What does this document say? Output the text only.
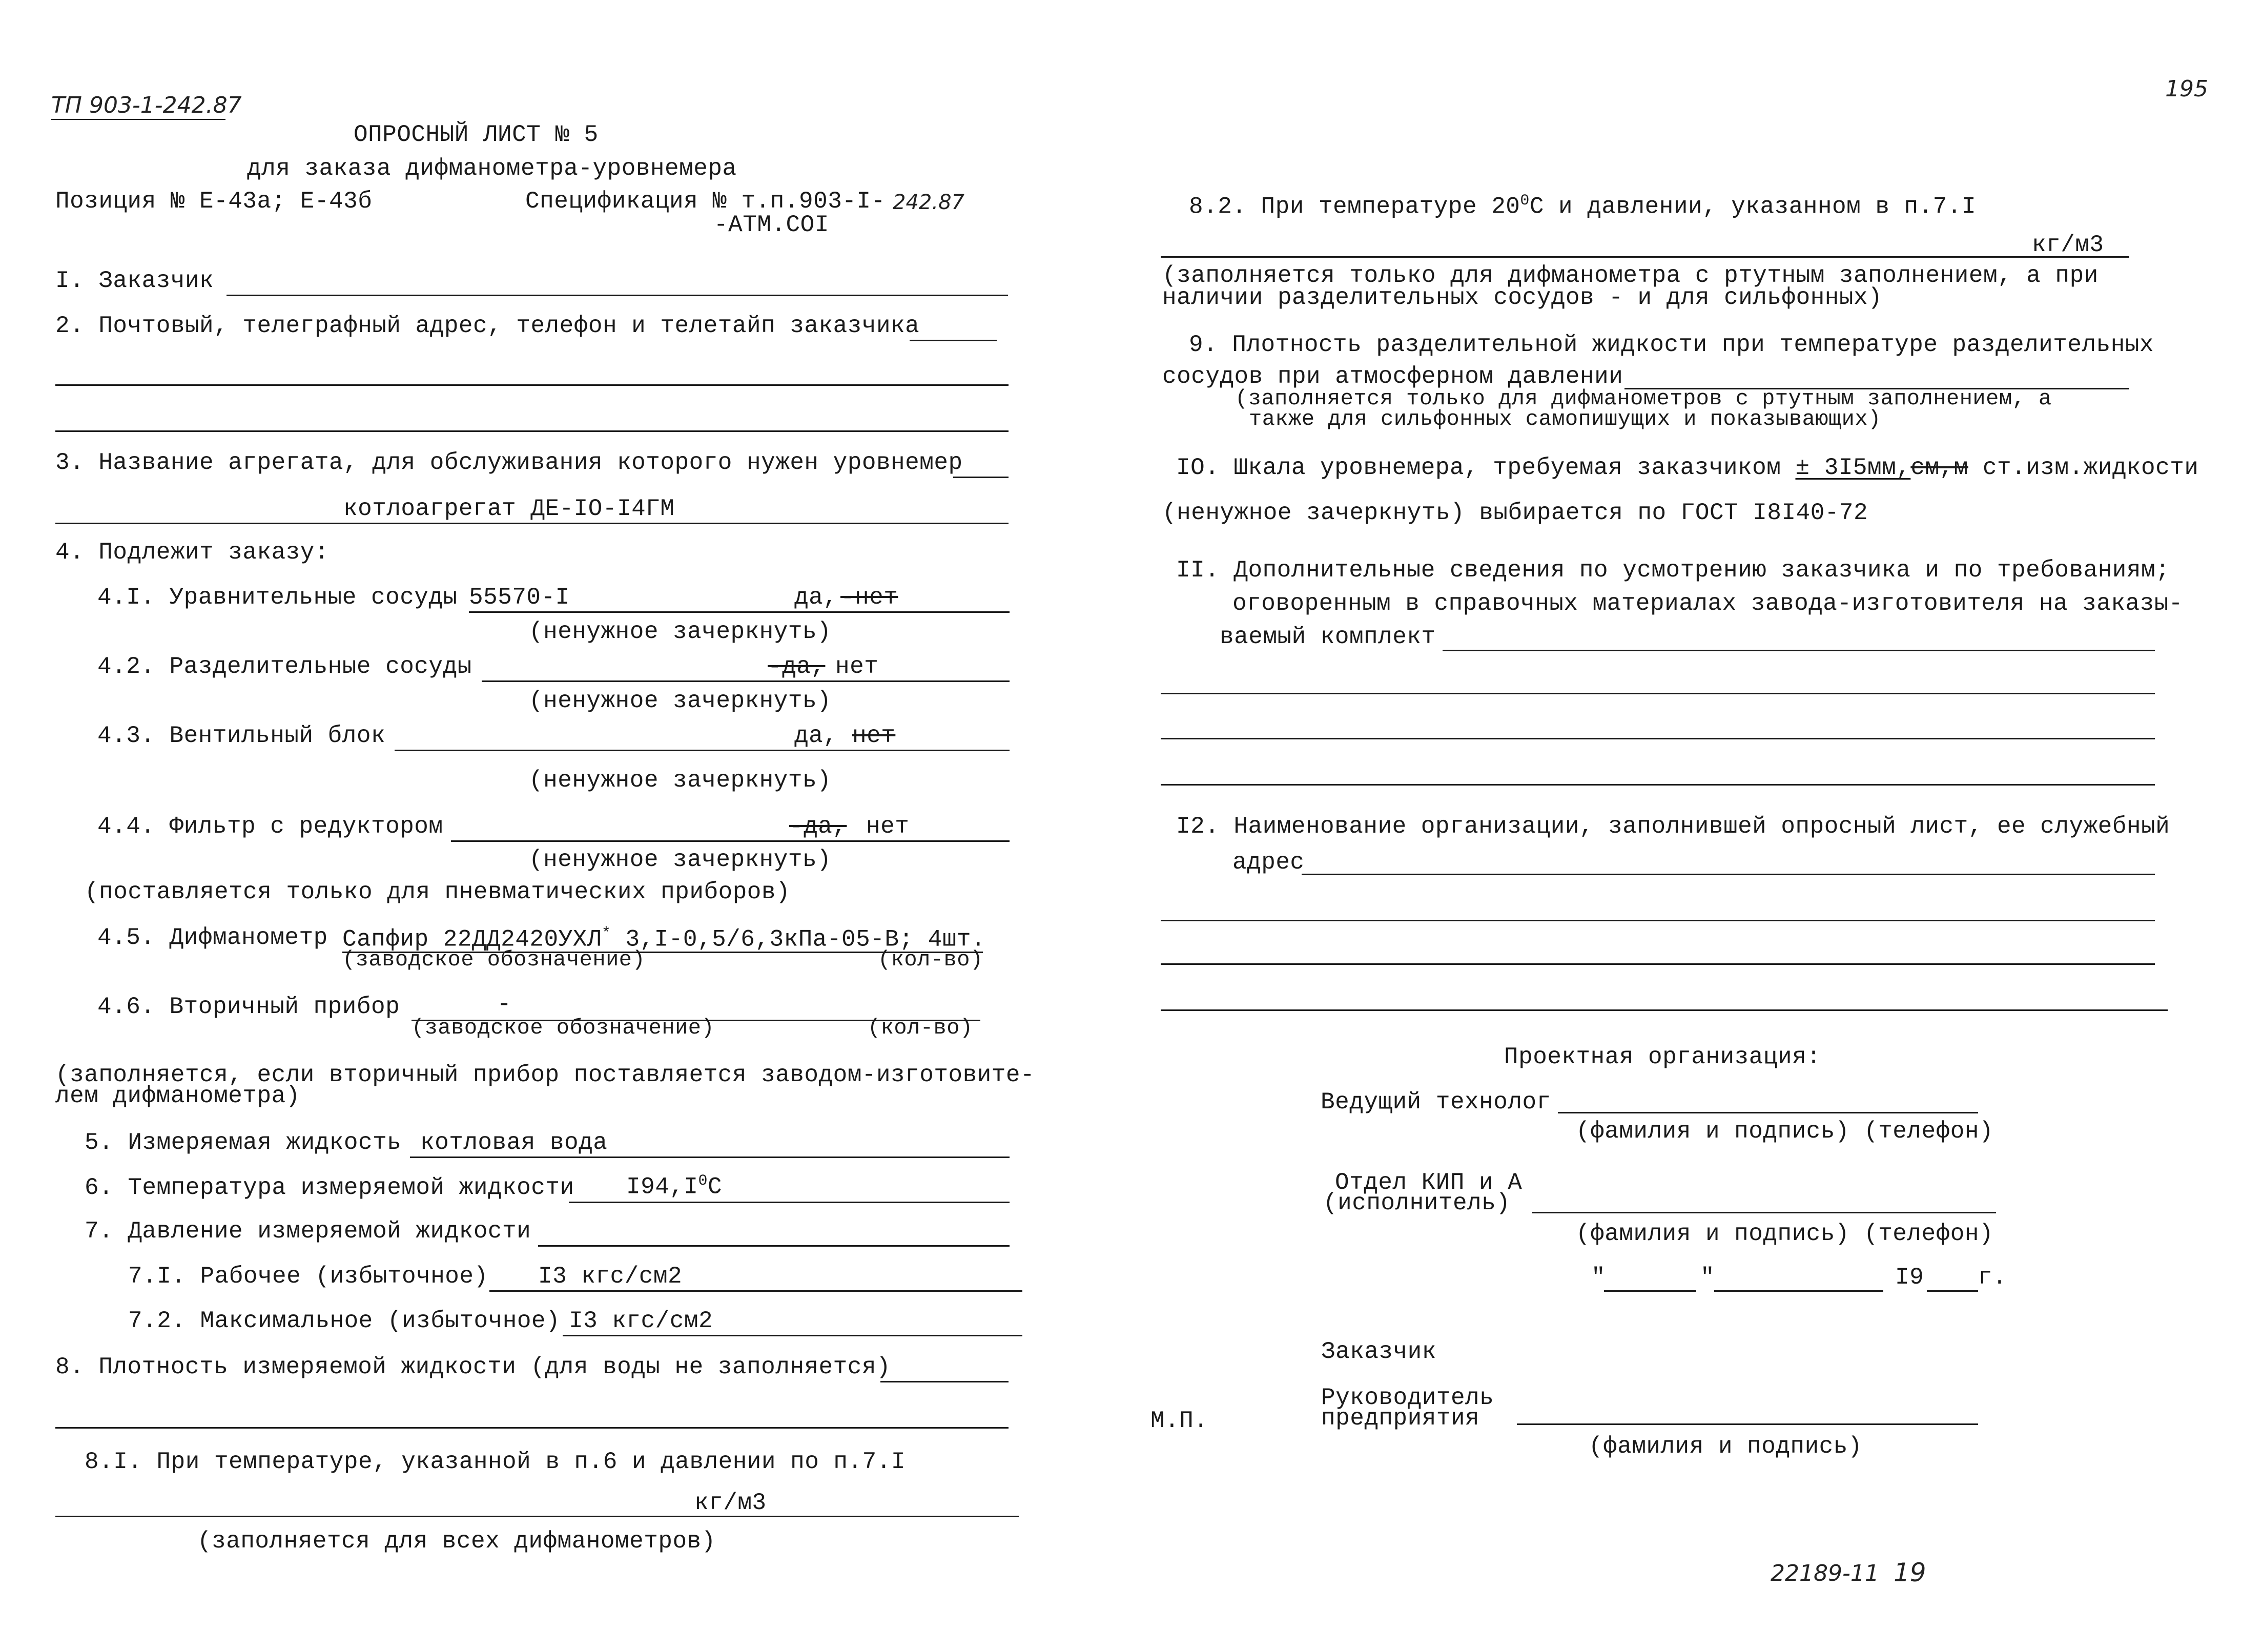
ТП 903-1-242.87
195
ОПРОСНЫЙ ЛИСТ № 5
для заказа дифманометра-уровнемера
Позиция № Е-43а; Е-43б	Спецификация № т.п.903-I- 242.87
-АТМ.СОI
I. Заказчик
2. Почтовый, телеграфный адрес, телефон и телетайп заказчика
3. Название агрегата, для обслуживания которого нужен уровнемер
котлоагрегат ДЕ-IO-I4ГМ
4. Подлежит заказу:
4.I. Уравнительные сосуды 55570-I	да, -нет
(ненужное зачеркнуть)
4.2. Разделительные сосуды	-да, нет
(ненужное зачеркнуть)
4.3. Вентильный блок	да, нет
(ненужное зачеркнуть)
4.4. Фильтр с редуктором	-да, нет
(ненужное зачеркнуть)
(поставляется только для пневматических приборов)
4.5. Дифманометр Сапфир 22ДД2420УХЛ* 3,I-0,5/6,3кПа-05-В; 4шт.
(заводское обозначение)	(кол-во)
4.6. Вторичный прибор	-
(заводское обозначение)	(кол-во)
(заполняется, если вторичный прибор поставляется заводом-изготовите-
лем дифманометра)
5. Измеряемая жидкость котловая вода
6. Температура измеряемой жидкости $I94,I^0С$
7. Давление измеряемой жидкости
7.I. Рабочее (избыточное) I3 кгс/см2
7.2. Максимальное (избыточное) I3 кгс/см2
8. Плотность измеряемой жидкости (для воды не заполняется)
8.I. При температуре, указанной в п.6 и давлении по п.7.I
кг/м3
(заполняется для всех дифманометров)
8.2. При температуре $20^0С$ и давлении, указанном в п.7.I
кг/м3
(заполняется только для дифманометра с ртутным заполнением, а при
наличии разделительных сосудов - и для сильфонных)
9. Плотность разделительной жидкости при температуре разделительных
сосудов при атмосферном давлении
(заполняется только для дифманометров с ртутным заполнением, а
также для сильфонных самопишущих и показывающих)
IO. Шкала уровнемера, требуемая заказчиком ± 3I5мм,см,м ст.изм.жидкости
(ненужное зачеркнуть) выбирается по ГОСТ I8I40-72
II. Дополнительные сведения по усмотрению заказчика и по требованиям;
оговоренным в справочных материалах завода-изготовителя на заказы-
ваемый комплект
I2. Наименование организации, заполнившей опросный лист, ее служебный
адрес
Проектная организация:
Ведущий технолог
(фамилия и подпись) (телефон)
Отдел КИП и А
(исполнитель)
(фамилия и подпись) (телефон)
"	"	I9 г.
Заказчик
М.П.
Руководитель
предприятия
(фамилия и подпись)
22189-11 19
